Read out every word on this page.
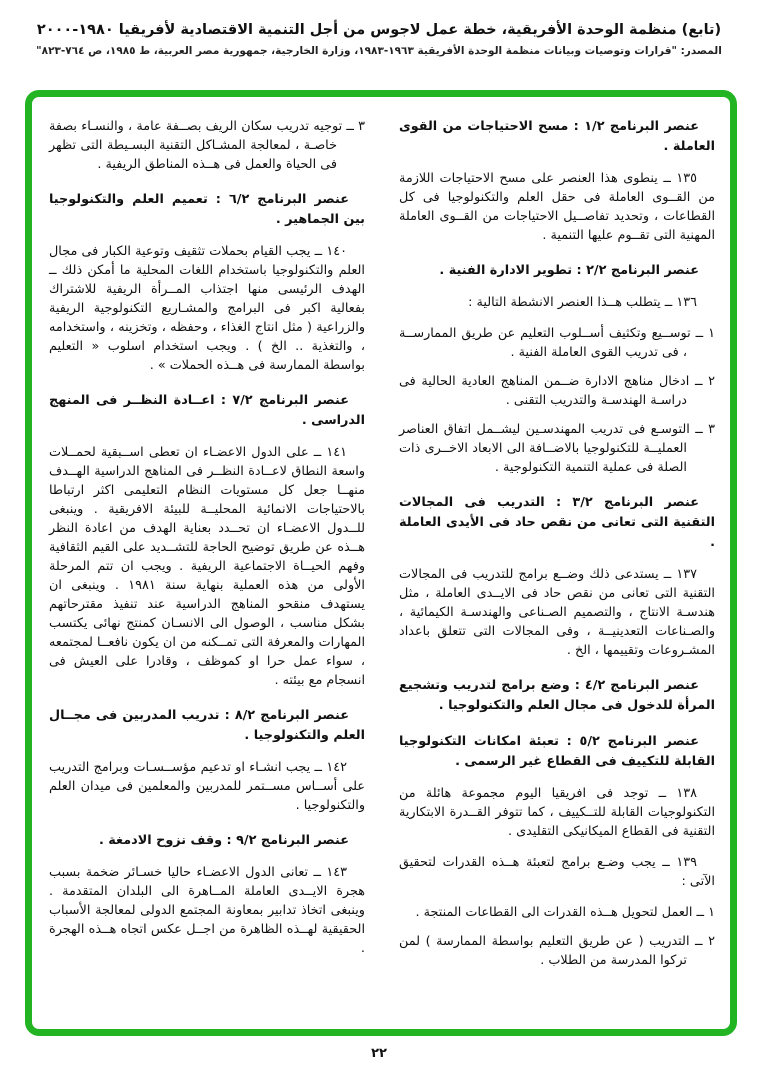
(تابع) منظمة الوحدة الأفريقية، خطة عمل لاجوس من أجل التنمية الاقتصادية لأفريقيا ١٩٨٠-٢٠٠٠
المصدر: "قرارات وتوصيات وبيانات منظمة الوحدة الأفريقية ١٩٦٣-١٩٨٣، وزارة الخارجية، جمهورية مصر العربية، ط ١٩٨٥، ص ٧٦٤-٨٢٣"
عنصر البرنامج ١/٢ : مسح الاحتياجات من القوى العاملة .
١٣٥ ــ ينطوى هذا العنصر على مسح الاحتياجات اللازمة من القــوى العاملة فى حقل العلم والتكنولوجيا فى كل القطاعات ، وتحديد تفاصــيل الاحتياجات من القــوى العاملة المهنية التى تقــوم عليها التنمية .
عنصر البرنامج ٢/٢ : تطوير الادارة الفنية .
١٣٦ ــ يتطلب هــذا العنصر الانشطة التالية :
١ ــ توســيع وتكثيف أســلوب التعليم عن طريق الممارســة ، فى تدريب القوى العاملة الفنية .
٢ ــ ادخال مناهج الادارة ضــمن المناهج العادية الحالية فى دراسـة الهندسـة والتدريب التقنى .
٣ ــ التوسـع فى تدريب المهندسـين ليشــمل اتفاق العناصر العمليــة للتكنولوجيا بالاضــافة الى الابعاد الاخــرى ذات الصلة فى عملية التنمية التكنولوجية .
عنصر البرنامج ٣/٢ : التدريب فى المجالات التقنية التى تعانى من نقص حاد فى الأيدى العاملة .
١٣٧ ــ يستدعى ذلك وضــع برامج للتدريب فى المجالات التقنية التى تعانى من نقص حاد فى الايــدى العاملة ، مثل هندسـة الانتاج ، والتصميم الصـناعى والهندسـة الكيمائية ، والصـناعات التعدينيــة ، وفى المجالات التى تتعلق باعداد المشـروعات وتقييمها ، الخ .
عنصر البرنامج ٤/٢ : وضع برامج لتدريب وتشجيع المرأة للدخول فى مجال العلم والتكنولوجيا .
عنصر البرنامج ٥/٢ : تعبئة امكانات التكنولوجيا القابلة للتكييف فى القطاع غير الرسمى .
١٣٨ ــ توجد فى افريقيا اليوم مجموعة هائلة من التكنولوجيات القابلة للتــكييف ، كما تتوفر القــدرة الابتكارية التقنية فى القطاع الميكانيكى التقليدى .
١٣٩ ــ يجب وضـع برامج لتعبئة هــذه القدرات لتحقيق الآتى :
١ ــ العمل لتحويل هــذه القدرات الى القطاعات المنتجة .
٢ ــ التدريب ( عن طريق التعليم بواسطة الممارسة ) لمن تركوا المدرسة من الطلاب .
٣ ــ توجيه تدريب سكان الريف بصــفة عامة ، والنسـاء بصفة خاصـة ، لمعالجة المشـاكل التقنية البسـيطة التى تظهر فى الحياة والعمل فى هــذه المناطق الريفية .
عنصر البرنامج ٦/٢ : تعميم العلم والتكنولوجيا بين الجماهير .
١٤٠ ــ يجب القيام بحملات تثقيف وتوعية الكبار فى مجال العلم والتكنولوجيا باستخدام اللغات المحلية ما أمكن ذلك ــ الهدف الرئيسى منها اجتذاب المــرأة الريفية للاشتراك بفعالية اكبر فى البرامج والمشـاريع التكنولوجية الريفية والزراعية ( مثل انتاج الغذاء ، وحفظه ، وتخزينه ، واستخدامه ، والتغذية .. الخ ) . ويجب استخدام اسلوب « التعليم بواسطة الممارسة فى هــذه الحملات » .
عنصر البرنامج ٧/٢ : اعــادة النظــر فى المنهج الدراسى .
١٤١ ــ على الدول الاعضـاء ان تعطى اســبقية لحمــلات واسعة النطاق لاعــادة النظــر فى المناهج الدراسية الهــدف منهــا جعل كل مستويات النظام التعليمى اكثر ارتباطا بالاحتياجات الانمائية المحليــة للبيئة الافريقية . وينبغى للــدول الاعضـاء ان تحــدد بعناية الهدف من اعادة النظر هــذه عن طريق توضيح الحاجة للتشــديد على القيم الثقافية وفهم الحيــاة الاجتماعية الريفية . ويجب ان تتم المرحلة الأولى من هذه العملية بنهاية سنة ١٩٨١ . وينبغى ان يستهدف منقحو المناهج الدراسية عند تنفيذ مقترحاتهم بشكل مناسب ، الوصول الى الانسـان كمنتج نهائى يكتسب المهارات والمعرفة التى تمــكنه من ان يكون نافعــا لمجتمعه ، سواء عمل حرا او كموظف ، وقادرا على العيش فى انسجام مع بيئته .
عنصر البرنامج ٨/٢ : تدريب المدربين فى مجــال العلم والتكنولوجيا .
١٤٢ ــ يجب انشـاء او تدعيم مؤســسـات وبرامج التدريب على أســاس مســتمر للمدربين والمعلمين فى ميدان العلم والتكنولوجيا .
عنصر البرنامج ٩/٢ : وقف نزوح الادمغة .
١٤٣ ــ تعانى الدول الاعضـاء حاليا خسـائر ضخمة بسبب هجرة الايــدى العاملة المــاهرة الى البلدان المتقدمة . وينبغى اتخاذ تدابير بمعاونة المجتمع الدولى لمعالجة الأسباب الحقيقية لهــذه الظاهرة من اجــل عكس اتجاه هــذه الهجرة .
٢٢
